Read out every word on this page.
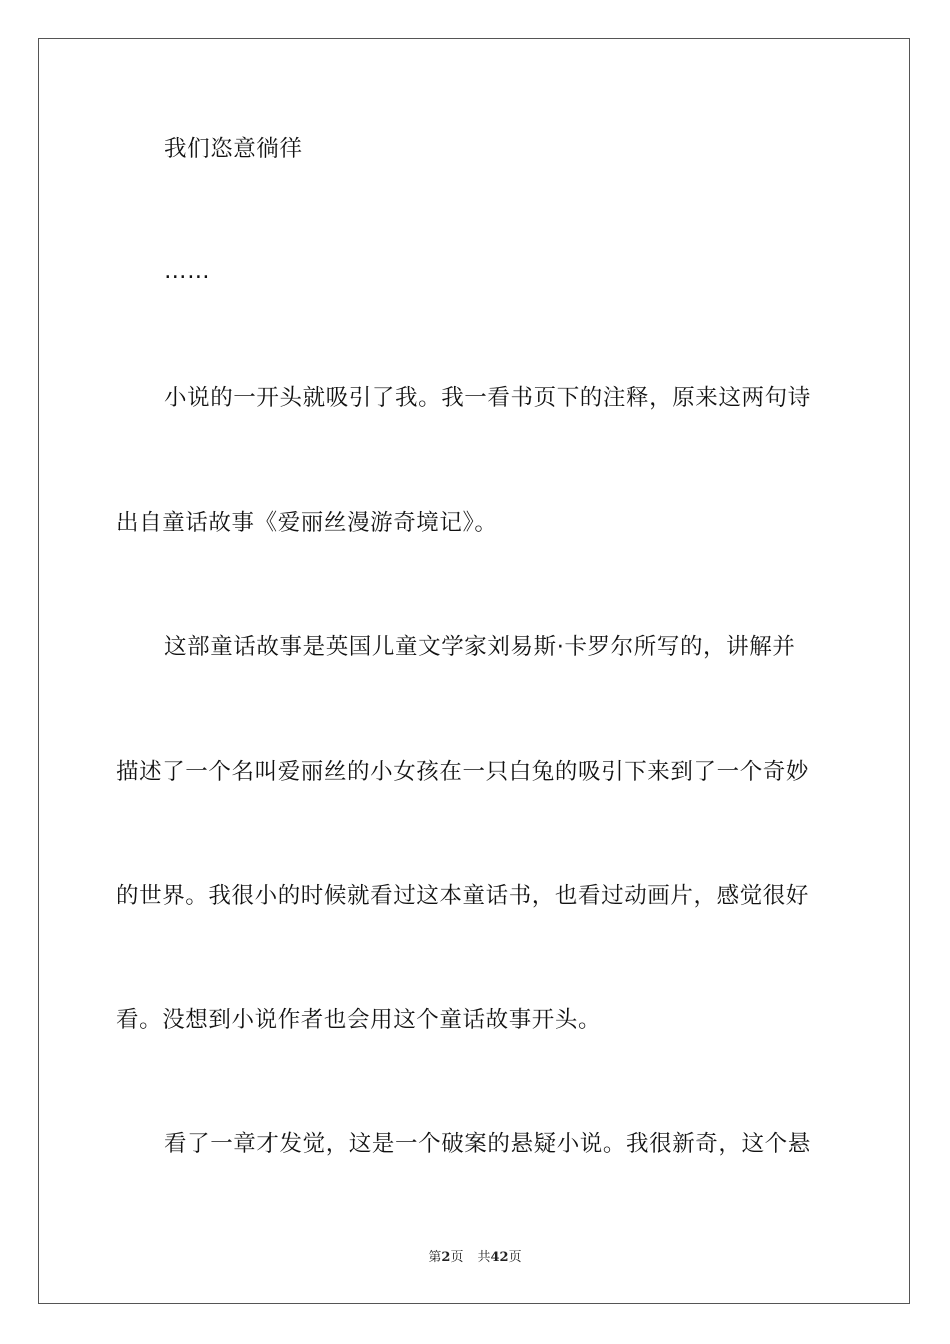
我们恣意徜徉
……
小说的一开头就吸引了我。我一看书页下的注释，原来这两句诗
出自童话故事《爱丽丝漫游奇境记》。
这部童话故事是英国儿童文学家刘易斯·卡罗尔所写的，讲解并
描述了一个名叫爱丽丝的小女孩在一只白兔的吸引下来到了一个奇妙
的世界。我很小的时候就看过这本童话书，也看过动画片，感觉很好
看。没想到小说作者也会用这个童话故事开头。
看了一章才发觉，这是一个破案的悬疑小说。我很新奇，这个悬
第2页 共42页
